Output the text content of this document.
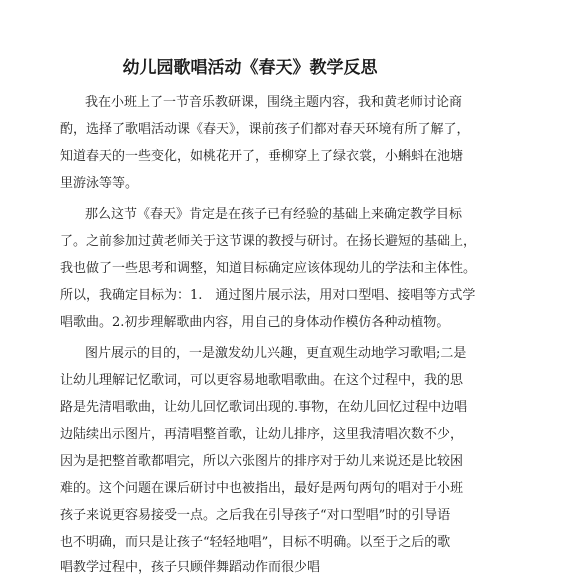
幼儿园歌唱活动《春天》教学反思
我在小班上了一节音乐教研课，围绕主题内容，我和黄老师讨论商
酌，选择了歌唱活动课《春天》，课前孩子们都对春天环境有所了解了，
知道春天的一些变化，如桃花开了，垂柳穿上了绿衣裳，小蝌蚪在池塘
里游泳等等。
那么这节《春天》肯定是在孩子已有经验的基础上来确定教学目标
了。之前参加过黄老师关于这节课的教授与研讨。在扬长避短的基础上，
我也做了一些思考和调整，知道目标确定应该体现幼儿的学法和主体性。
所以，我确定目标为：1.　通过图片展示法，用对口型唱、接唱等方式学
唱歌曲。2.初步理解歌曲内容，用自己的身体动作模仿各种动植物。
图片展示的目的，一是激发幼儿兴趣，更直观生动地学习歌唱;二是
让幼儿理解记忆歌词，可以更容易地歌唱歌曲。在这个过程中，我的思
路是先清唱歌曲，让幼儿回忆歌词出现的.事物，在幼儿回忆过程中边唱
边陆续出示图片，再清唱整首歌，让幼儿排序，这里我清唱次数不少，
因为是把整首歌都唱完，所以六张图片的排序对于幼儿来说还是比较困
难的。这个问题在课后研讨中也被指出，最好是两句两句的唱对于小班
孩子来说更容易接受一点。之后我在引导孩子“对口型唱”时的引导语
也不明确，而只是让孩子“轻轻地唱”，目标不明确。以至于之后的歌
唱教学过程中，孩子只顾伴舞蹈动作而很少唱
